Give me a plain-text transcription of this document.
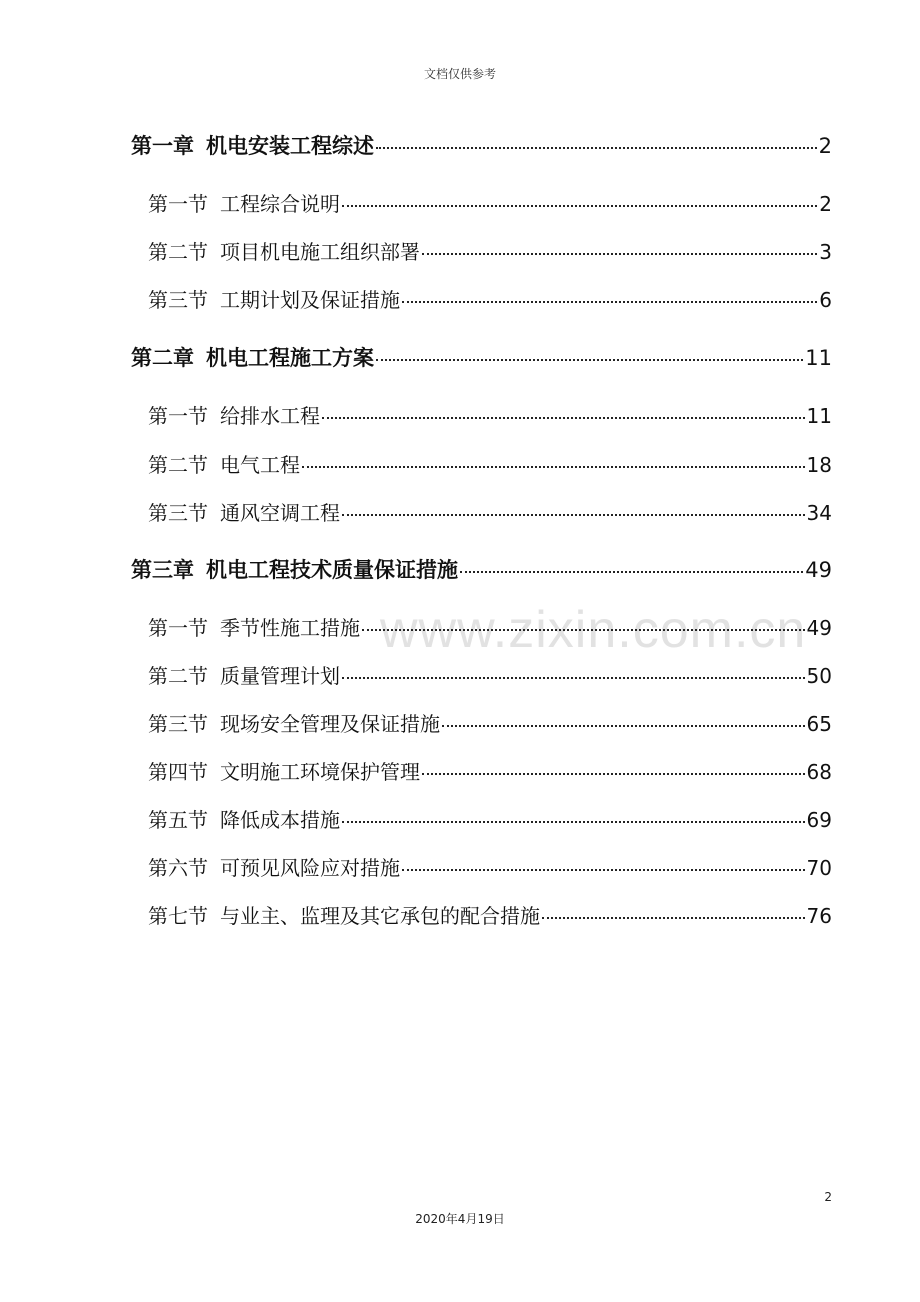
文档仅供参考
www.zixin.com.cn
第一章 机电安装工程综述	2
第一节 工程综合说明	2
第二节 项目机电施工组织部署	3
第三节 工期计划及保证措施	6
第二章 机电工程施工方案	11
第一节 给排水工程	11
第二节 电气工程	18
第三节 通风空调工程	34
第三章 机电工程技术质量保证措施	49
第一节 季节性施工措施	49
第二节 质量管理计划	50
第三节 现场安全管理及保证措施	65
第四节 文明施工环境保护管理	68
第五节 降低成本措施	69
第六节 可预见风险应对措施	70
第七节 与业主、监理及其它承包的配合措施	76
2
2020年4月19日
